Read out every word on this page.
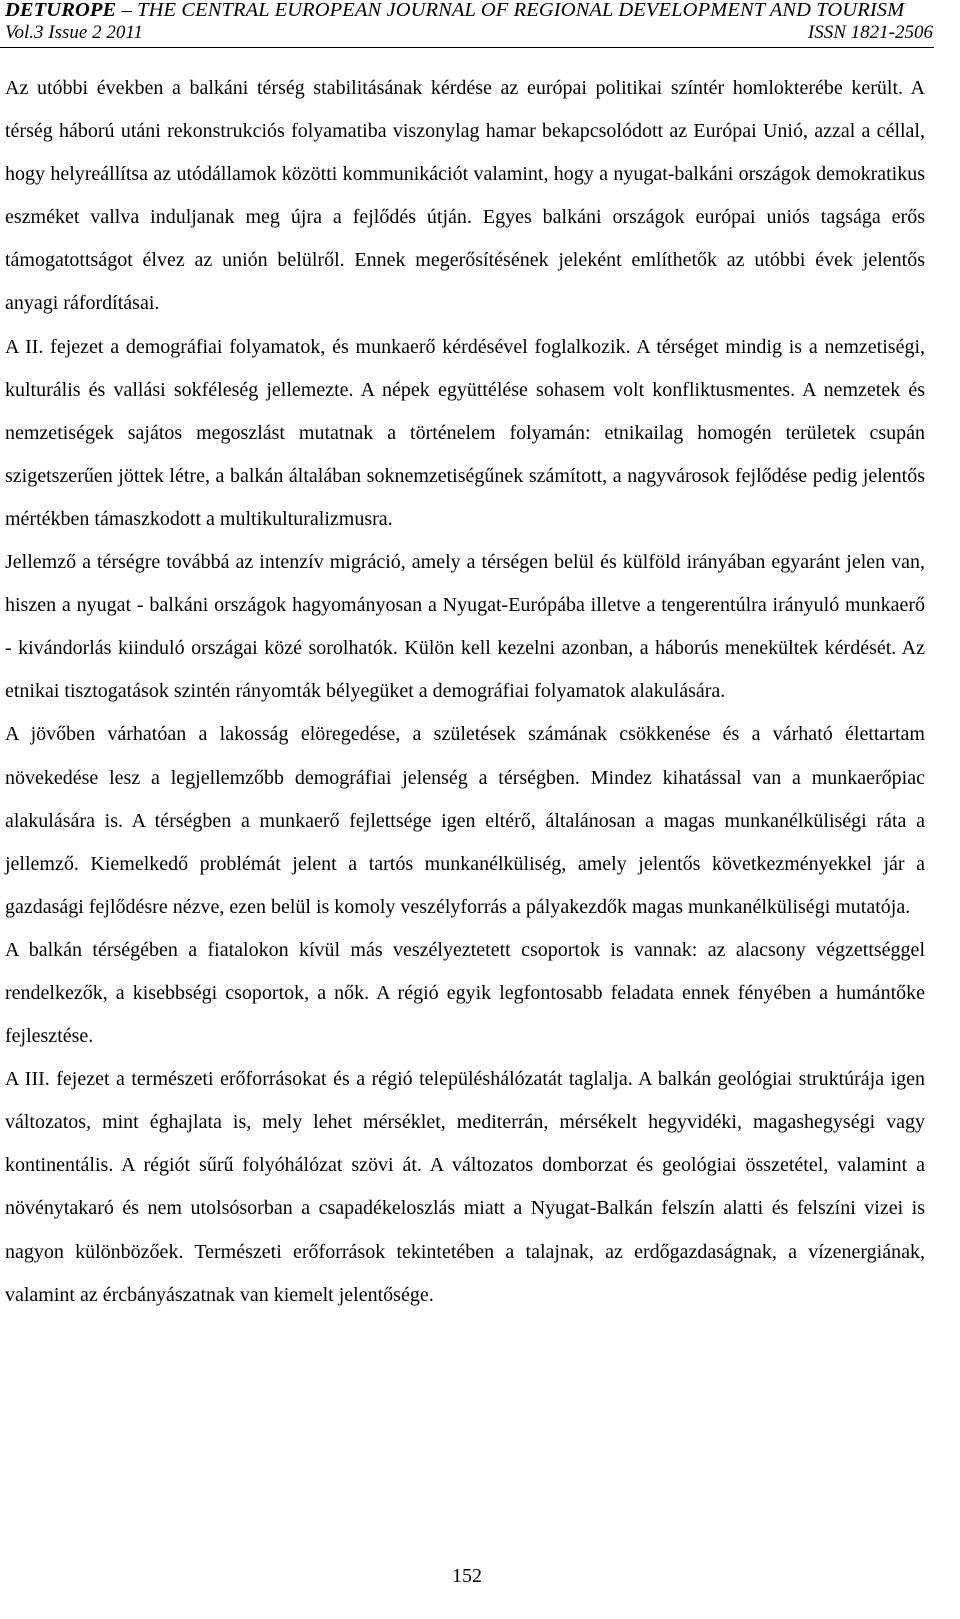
DETUROPE – THE CENTRAL EUROPEAN JOURNAL OF REGIONAL DEVELOPMENT AND TOURISM
Vol.3 Issue 2 2011	ISSN 1821-2506

Az utóbbi években a balkáni térség stabilitásának kérdése az európai politikai színtér homlokterébe került. A térség háború utáni rekonstrukciós folyamatiba viszonylag hamar bekapcsolódott az Európai Unió, azzal a céllal, hogy helyreállítsa az utódállamok közötti kommunikációt valamint, hogy a nyugat-balkáni országok demokratikus eszméket vallva induljanak meg újra a fejlődés útján. Egyes balkáni országok európai uniós tagsága erős támogatottságot élvez az unión belülről. Ennek megerősítésének jeleként említhetők az utóbbi évek jelentős anyagi ráfordításai.

A II. fejezet a demográfiai folyamatok, és munkaerő kérdésével foglalkozik. A térséget mindig is a nemzetiségi, kulturális és vallási sokféleség jellemezte. A népek együttélése sohasem volt konfliktusmentes. A nemzetek és nemzetiségek sajátos megoszlást mutatnak a történelem folyamán: etnikailag homogén területek csupán szigetszerűen jöttek létre, a balkán általában soknemzetiségűnek számított, a nagyvárosok fejlődése pedig jelentős mértékben támaszkodott a multikulturalizmusra.

Jellemző a térségre továbbá az intenzív migráció, amely a térségen belül és külföld irányában egyaránt jelen van, hiszen a nyugat - balkáni országok hagyományosan a Nyugat-Európába illetve a tengerentúlra irányuló munkaerő - kivándorlás kiinduló országai közé sorolhatók. Külön kell kezelni azonban, a háborús menekültek kérdését. Az etnikai tisztogatások szintén rányomták bélyegüket a demográfiai folyamatok alakulására.

A jövőben várhatóan a lakosság elöregedése, a születések számának csökkenése és a várható élettartam növekedése lesz a legjellemzőbb demográfiai jelenség a térségben. Mindez kihatással van a munkaerőpiac alakulására is. A térségben a munkaerő fejlettsége igen eltérő, általánosan a magas munkanélküliségi ráta a jellemző. Kiemelkedő problémát jelent a tartós munkanélküliség, amely jelentős következményekkel jár a gazdasági fejlődésre nézve, ezen belül is komoly veszélyforrás a pályakezdők magas munkanélküliségi mutatója.

A balkán térségében a fiatalokon kívül más veszélyeztetett csoportok is vannak: az alacsony végzettséggel rendelkezők, a kisebbségi csoportok, a nők. A régió egyik legfontosabb feladata ennek fényében a humántőke fejlesztése.

A III. fejezet a természeti erőforrásokat és a régió településhálózatát taglalja. A balkán geológiai struktúrája igen változatos, mint éghajlata is, mely lehet mérséklet, mediterrán, mérsékelt hegyvidéki, magashegységi vagy kontinentális. A régiót sűrű folyóhálózat szövi át. A változatos domborzat és geológiai összetétel, valamint a növénytakaró és nem utolsósorban a csapadékeloszlás miatt a Nyugat-Balkán felszín alatti és felszíni vizei is nagyon különbözőek. Természeti erőforrások tekintetében a talajnak, az erdőgazdaságnak, a vízenergiának, valamint az ércbányászatnak van kiemelt jelentősége.

152
